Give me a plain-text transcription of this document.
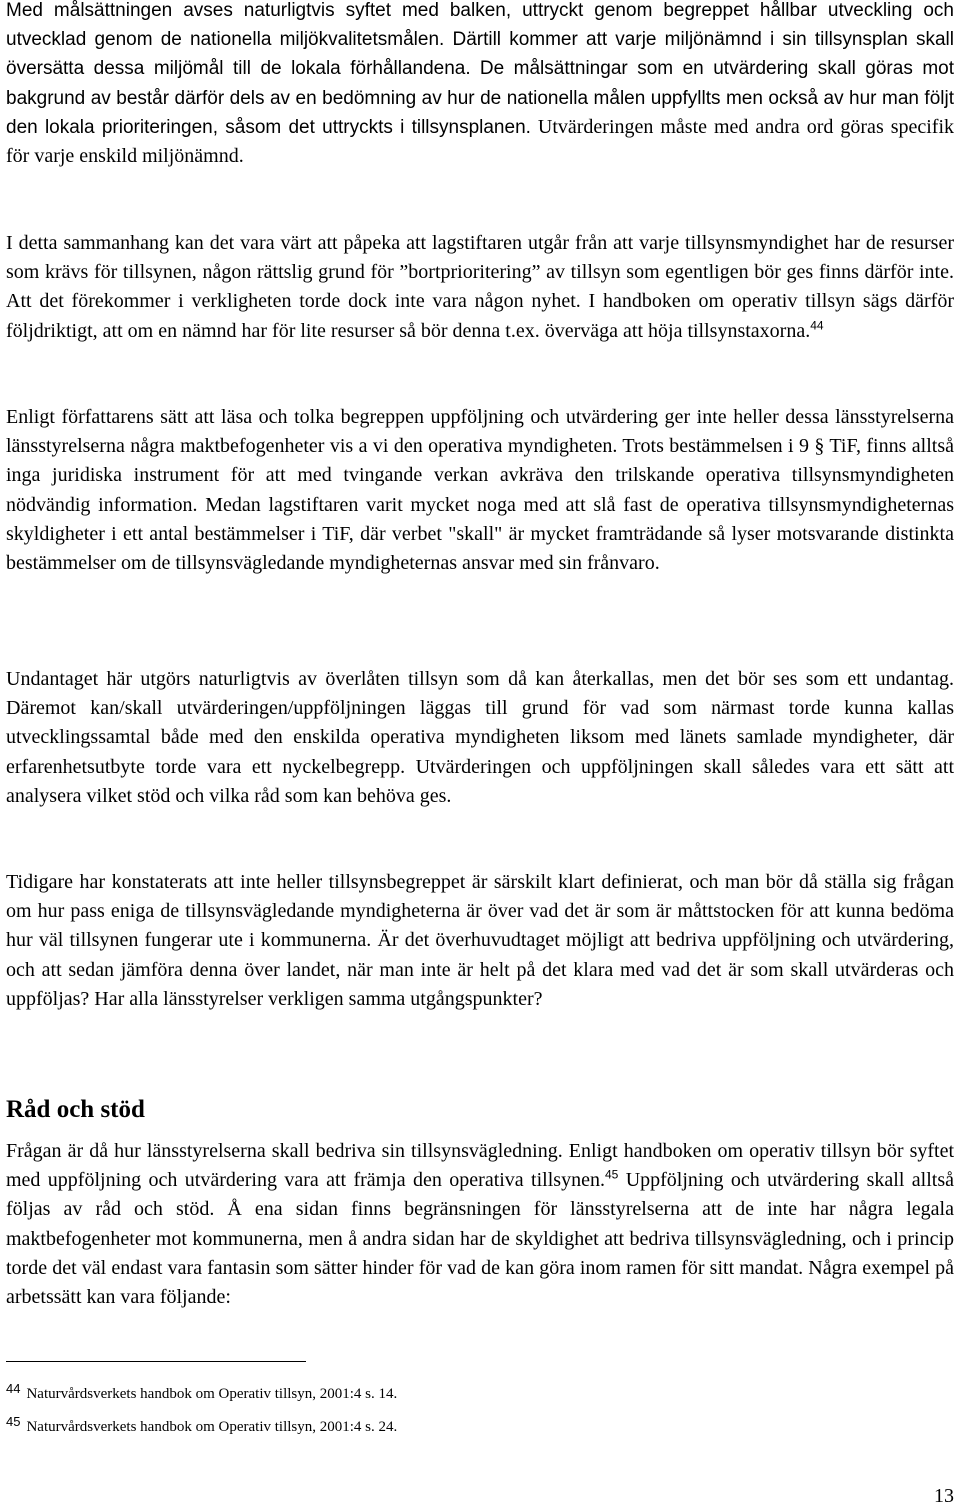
Med målsättningen avses naturligtvis syftet med balken, uttryckt genom begreppet hållbar utveckling och utvecklad genom de nationella miljökvalitetsmålen. Därtill kommer att varje miljönämnd i sin tillsynsplan skall översätta dessa miljömål till de lokala förhållandena. De målsättningar som en utvärdering skall göras mot bakgrund av består därför dels av en bedömning av hur de nationella målen uppfyllts men också av hur man följt den lokala prioriteringen, såsom det uttryckts i tillsynsplanen. Utvärderingen måste med andra ord göras specifik för varje enskild miljönämnd.

I detta sammanhang kan det vara värt att påpeka att lagstiftaren utgår från att varje tillsynsmyndighet har de resurser som krävs för tillsynen, någon rättslig grund för ”bortprioritering” av tillsyn som egentligen bör ges finns därför inte. Att det förekommer i verkligheten torde dock inte vara någon nyhet. I handboken om operativ tillsyn sägs därför följdriktigt, att om en nämnd har för lite resurser så bör denna t.ex. överväga att höja tillsynstaxorna.$^{44}$

Enligt författarens sätt att läsa och tolka begreppen uppföljning och utvärdering ger inte heller dessa länsstyrelserna länsstyrelserna några maktbefogenheter vis a vi den operativa myndigheten. Trots bestämmelsen i 9 § TiF, finns alltså inga juridiska instrument för att med tvingande verkan avkräva den trilskande operativa tillsynsmyndigheten nödvändig information. Medan lagstiftaren varit mycket noga med att slå fast de operativa tillsynsmyndigheternas skyldigheter i ett antal bestämmelser i TiF, där verbet "skall" är mycket framträdande så lyser motsvarande distinkta bestämmelser om de tillsynsvägledande myndigheternas ansvar med sin frånvaro.

Undantaget här utgörs naturligtvis av överlåten tillsyn som då kan återkallas, men det bör ses som ett undantag. Däremot kan/skall utvärderingen/uppföljningen läggas till grund för vad som närmast torde kunna kallas utvecklingssamtal både med den enskilda operativa myndigheten liksom med länets samlade myndigheter, där erfarenhetsutbyte torde vara ett nyckelbegrepp. Utvärderingen och uppföljningen skall således vara ett sätt att analysera vilket stöd och vilka råd som kan behöva ges.

Tidigare har konstaterats att inte heller tillsynsbegreppet är särskilt klart definierat, och man bör då ställa sig frågan om hur pass eniga de tillsynsvägledande myndigheterna är över vad det är som är måttstocken för att kunna bedöma hur väl tillsynen fungerar ute i kommunerna. Är det överhuvudtaget möjligt att bedriva uppföljning och utvärdering, och att sedan jämföra denna över landet, när man inte är helt på det klara med vad det är som skall utvärderas och uppföljas? Har alla länsstyrelser verkligen samma utgångspunkter?

Råd och stöd

Frågan är då hur länsstyrelserna skall bedriva sin tillsynsvägledning. Enligt handboken om operativ tillsyn bör syftet med uppföljning och utvärdering vara att främja den operativa tillsynen.$^{45}$ Uppföljning och utvärdering skall alltså följas av råd och stöd. Å ena sidan finns begränsningen för länsstyrelserna att de inte har några legala maktbefogenheter mot kommunerna, men å andra sidan har de skyldighet att bedriva tillsynsvägledning, och i princip torde det väl endast vara fantasin som sätter hinder för vad de kan göra inom ramen för sitt mandat. Några exempel på arbetssätt kan vara följande:

44 Naturvårdsverkets handbok om Operativ tillsyn, 2001:4 s. 14.
45 Naturvårdsverkets handbok om Operativ tillsyn, 2001:4 s. 24.
13
